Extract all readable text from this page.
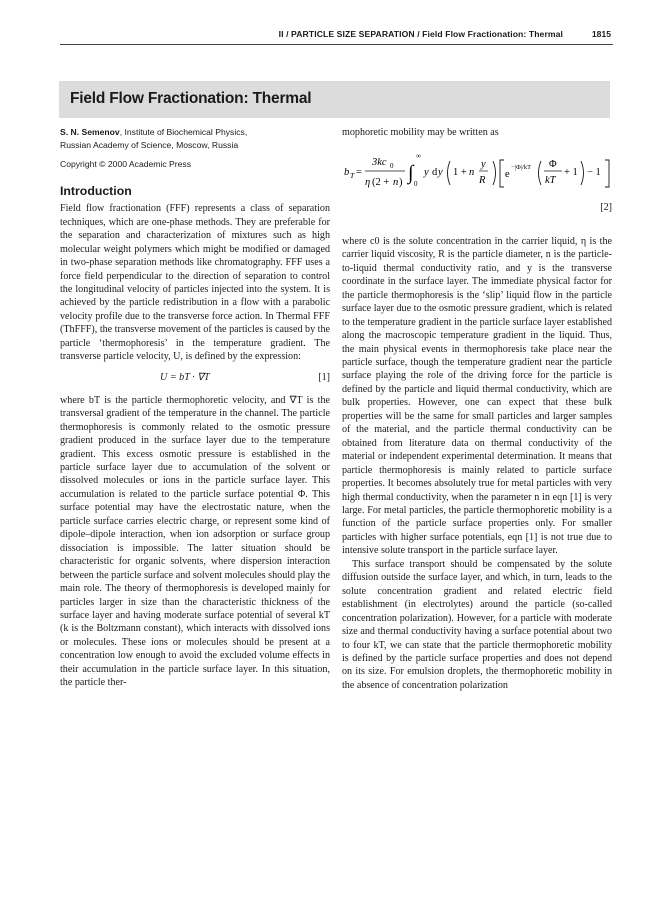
II / PARTICLE SIZE SEPARATION / Field Flow Fractionation: Thermal	1815
Field Flow Fractionation: Thermal
S. N. Semenov, Institute of Biochemical Physics,
Russian Academy of Science, Moscow, Russia
Copyright © 2000 Academic Press
Introduction

Field flow fractionation (FFF) represents a class of separation techniques, which are one-phase methods. They are preferable for the separation and characterization of mixtures such as high molecular weight polymers which might be modified or damaged in two-phase separation methods like chromatography. FFF uses a force field perpendicular to the direction of separation to control the longitudinal velocity of particles injected into the system. It is achieved by the particle redistribution in a flow with a parabolic velocity profile due to the transverse force action. In Thermal FFF (ThFFF), the transverse movement of the particles is caused by the particle ‘thermophoresis’ in the temperature gradient. The transverse particle velocity, U, is defined by the expression:

U = bT · ∇T	[1]

where bT is the particle thermophoretic velocity, and ∇T is the transversal gradient of the temperature in the channel. The particle thermophoresis is commonly related to the osmotic pressure gradient produced in the surface layer due to the temperature gradient. This excess osmotic pressure is established in the particle surface layer due to accumulation of the solvent or dissolved molecules or ions in the particle surface layer. This accumulation is related to the particle surface potential Φ. This surface potential may have the electrostatic nature, when the particle surface carries electric charge, or represent some kind of dipole–dipole interaction, when ion adsorption or surface group dissociation is impossible. The latter situation should be characteristic for organic solvents, where dispersion interaction between the particle surface and solvent molecules should play the main role. The theory of thermophoresis is developed mainly for particles larger in size than the characteristic thickness of the surface layer and having moderate surface potential of several kT (k is the Boltzmann constant), which interacts with dissolved ions or molecules. These ions or molecules should be present at a concentration low enough to avoid the excluded volume effects in their accumulation in the particle surface layer. In this situation, the particle ther-

mophoretic mobility may be written as

b T =
3kc 0
η (2 + n ) ∫
∞
0
y d y 1 + n
y
R
e
−|Φ|/kT Φ
kT
+ 1 − 1
[2]

where c0 is the solute concentration in the carrier liquid, η is the carrier liquid viscosity, R is the particle diameter, n is the particle-to-liquid thermal conductivity ratio, and y is the transverse coordinate in the surface layer. The immediate physical factor for the particle thermophoresis is the ‘slip’ liquid flow in the particle surface layer due to the osmotic pressure gradient, which is related to the temperature gradient in the particle surface layer established along the macroscopic temperature gradient in the liquid. Thus, the main physical events in thermophoresis take place near the particle surface, though the temperature gradient near the particle surface playing the role of the driving force for the particle is defined by the particle and liquid thermal conductivity, which are bulk properties. However, one can expect that these bulk properties will be the same for small particles and larger samples of the material, and the particle thermal conductivity can be obtained from literature data on thermal conductivity of the material or independent experimental determination. It means that particle thermophoresis is mainly related to particle surface properties. It becomes absolutely true for metal particles with very high thermal conductivity, when the parameter n in eqn [1] is very large. For metal particles, the particle thermophoretic mobility is a function of the particle surface properties only. For smaller particles with higher surface potentials, eqn [1] is not true due to intensive solute transport in the particle surface layer.

This surface transport should be compensated by the solute diffusion outside the surface layer, and which, in turn, leads to the solute concentration gradient and related electric field establishment (in electrolytes) around the particle (so-called concentration polarization). However, for a particle with moderate size and thermal conductivity having a surface potential about two to four kT, we can state that the particle thermophoretic mobility is defined by the particle surface properties and does not depend on its size. For emulsion droplets, the thermophoretic mobility in the absence of concentration polarization
